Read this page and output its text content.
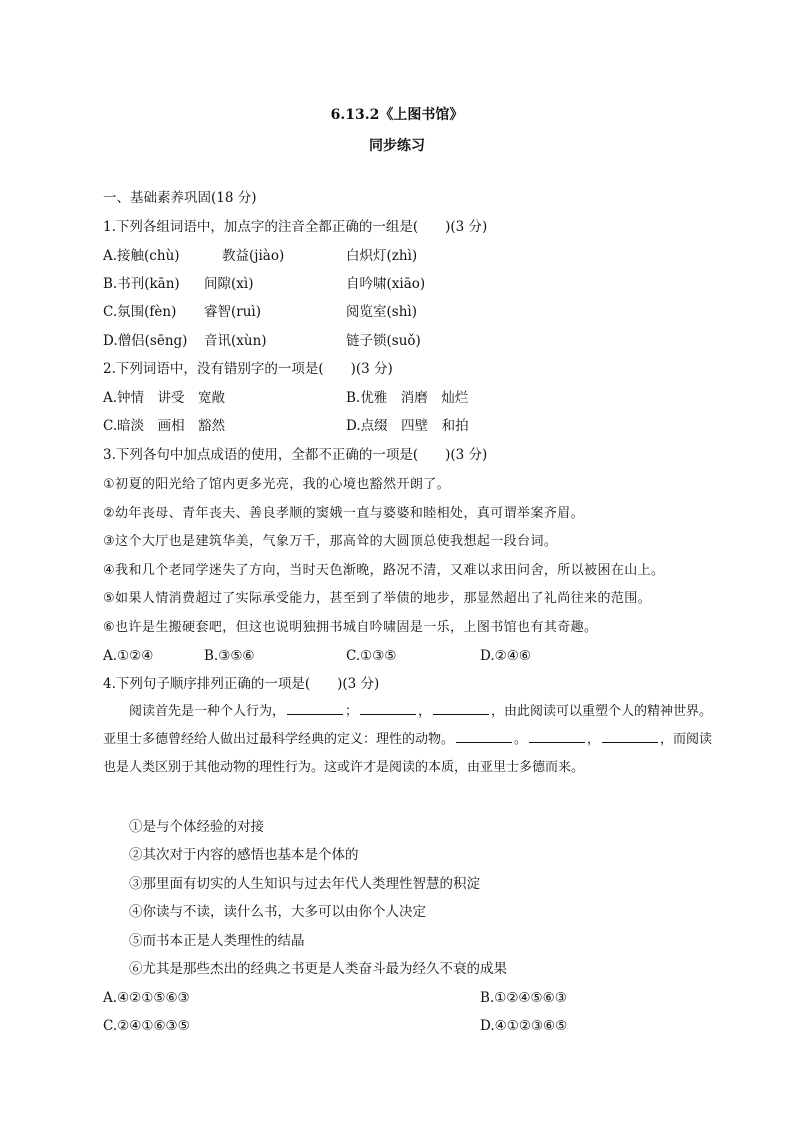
6.13.2《上图书馆》
同步练习
一、基础素养巩固(18 分)
1.下列各组词语中，加点字的注音全都正确的一组是(　　)(3 分)
A.接触(chù)	教益(jiào)	白炽灯(zhì)
B.书刊(kān) 间隙(xì)	自吟啸(xiāo)
C.氛围(fèn) 睿智(ruì)	阅览室(shì)
D.僧侣(sēng) 音讯(xùn)	链子锁(suǒ)
2.下列词语中，没有错别字的一项是(　　)(3 分)
A.钟情　讲受　宽敞	B.优雅　消磨　灿烂
C.暗淡　画相　豁然	D.点缀　四壁　和拍
3.下列各句中加点成语的使用，全都不正确的一项是(　　)(3 分)
①初夏的阳光给了馆内更多光亮，我的心境也豁然开朗了。
②幼年丧母、青年丧夫、善良孝顺的窦娥一直与婆婆和睦相处，真可谓举案齐眉。
③这个大厅也是建筑华美，气象万千，那高耸的大圆顶总使我想起一段台词。
④我和几个老同学迷失了方向，当时天色渐晚，路况不清，又难以求田问舍，所以被困在山上。
⑤如果人情消费超过了实际承受能力，甚至到了举债的地步，那显然超出了礼尚往来的范围。
⑥也许是生搬硬套吧，但这也说明独拥书城自吟啸固是一乐，上图书馆也有其奇趣。
A.①②④	B.③⑤⑥	C.①③⑤	D.②④⑥
4.下列句子顺序排列正确的一项是(　　)(3 分)
阅读首先是一种个人行为，	；	，	，由此阅读可以重塑个人的精神世界。亚里士多德曾经给人做出过最科学经典的定义：理性的动物。	。	，	，而阅读也是人类区别于其他动物的理性行为。这或许才是阅读的本质，由亚里士多德而来。
①是与个体经验的对接
②其次对于内容的感悟也基本是个体的
③那里面有切实的人生知识与过去年代人类理性智慧的积淀
④你读与不读，读什么书，大多可以由你个人决定
⑤而书本正是人类理性的结晶
⑥尤其是那些杰出的经典之书更是人类奋斗最为经久不衰的成果
A.④②①⑤⑥③	B.①②④⑤⑥③
C.②④①⑥③⑤	D.④①②③⑥⑤
